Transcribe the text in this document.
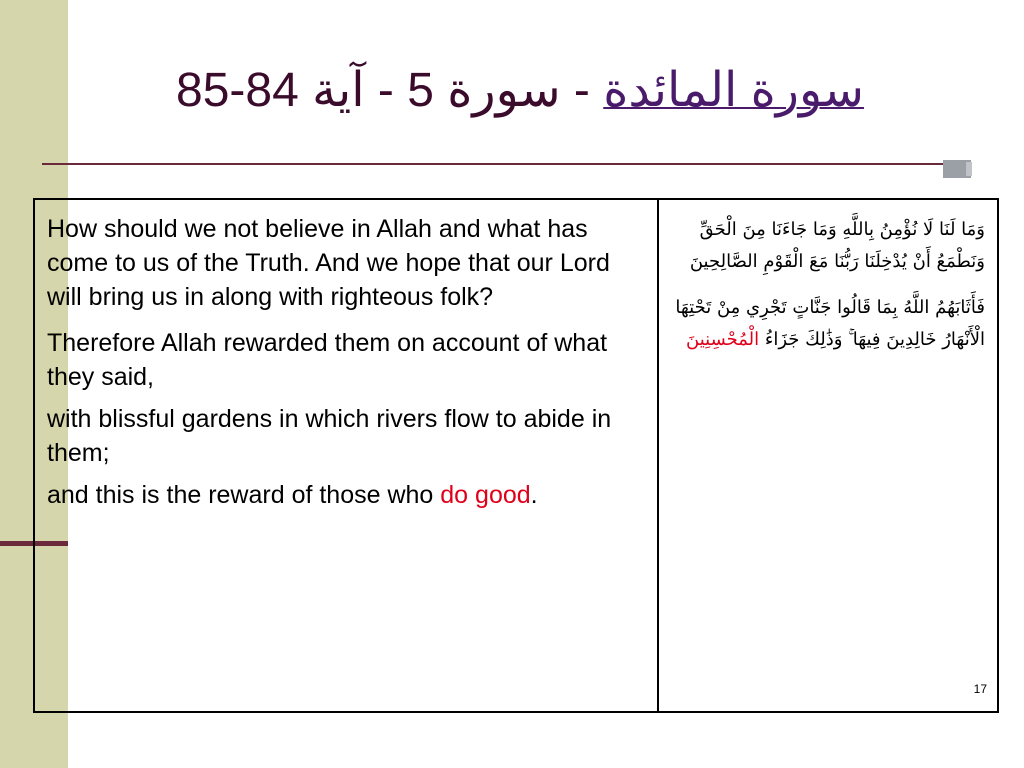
سورة المائدة - سورة 5 - آية 84-85

How should we not believe in Allah and what has come to us of the Truth. And we hope that our Lord will bring us in along with righteous folk?

Therefore Allah rewarded them on account of what they said,

with blissful gardens in which rivers flow to abide in them;

and this is the reward of those who do good.

وَمَا لَنَا لَا نُؤْمِنُ بِاللَّهِ وَمَا جَاءَنَا مِنَ الْحَقِّ وَنَطْمَعُ أَنْ يُدْخِلَنَا رَبُّنَا مَعَ الْقَوْمِ الصَّالِحِينَ

فَأَثَابَهُمُ اللَّهُ بِمَا قَالُوا جَنَّاتٍ تَجْرِي مِنْ تَحْتِهَا الْأَنْهَارُ خَالِدِينَ فِيهَا ۚ وَذَٰلِكَ جَزَاءُ الْمُحْسِنِينَ

17
